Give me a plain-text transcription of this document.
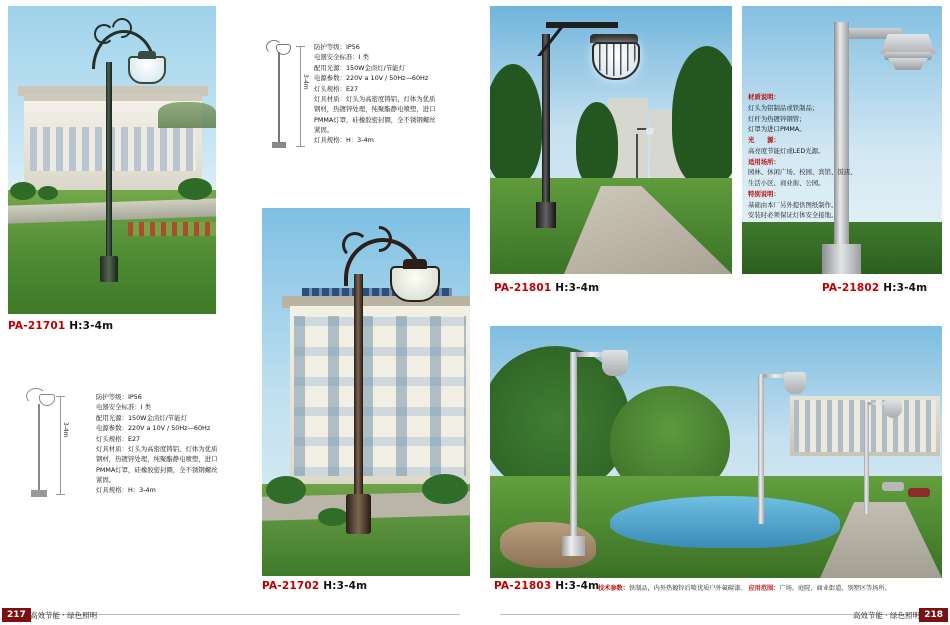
PA-21701 H:3-4m
3-4m
防护等级：IP56
电器安全标准：I 类
配用光源：150W金卤灯/节能灯
电源参数：220V a 10V / 50Hz—60Hz
灯头规格：E27
灯具材质：灯头为高密度铸铝，灯体为优质
钢材，热镀锌处理，纯聚酯静电喷塑，进口
PMMA灯罩，硅橡胶密封圈，全不锈钢螺丝
紧固。
灯具规格：H：3-4m
3-4m
防护等级：IP56
电器安全标准：I 类
配用光源：150W金卤灯/节能灯
电源参数：220V a 10V / 50Hz—60Hz
灯头规格：E27
灯具材质：灯头为高密度铸铝，灯体为优质
钢材，热镀锌处理，纯聚酯静电喷塑，进口
PMMA灯罩，硅橡胶密封圈，全不锈钢螺丝
紧固。
灯具规格：H：3-4m
PA-21702 H:3-4m
PA-21801 H:3-4m	PA-21802 H:3-4m
材质说明：
灯头为铝制品或铁制品；
灯杆为热镀锌钢管；
灯罩为进口PMMA。
光　　源：
高亮度节能灯或LED光源。
适用场所：
园林、休闲广场、校园、宾馆、饭店、
生活小区、商业街、公园。
特别说明：
基础由本厂另外提供图纸制作。
安装时必须保证灯体安全接地。
PA-21803 H:3-4m
技术参数：铁制品，内外热镀锌后喷优质户外氟碳漆。 应用范围：广场、庭院、商业街道、别墅区等场所。
217 高效节能 · 绿色照明	218
高效节能 · 绿色照明
